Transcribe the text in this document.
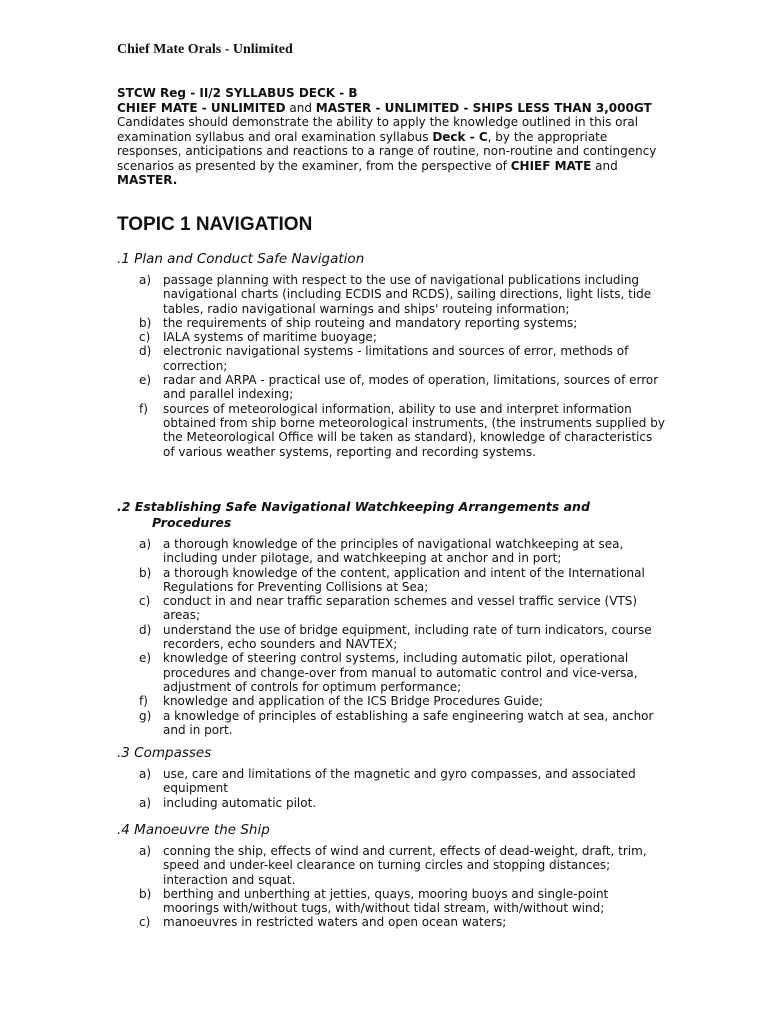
Chief Mate Orals - Unlimited
STCW Reg - II/2 SYLLABUS DECK - B
CHIEF MATE - UNLIMITED and MASTER - UNLIMITED - SHIPS LESS THAN 3,000GT
Candidates should demonstrate the ability to apply the knowledge outlined in this oral examination syllabus and oral examination syllabus Deck - C, by the appropriate responses, anticipations and reactions to a range of routine, non-routine and contingency scenarios as presented by the examiner, from the perspective of CHIEF MATE and MASTER.
TOPIC 1 NAVIGATION
.1 Plan and Conduct Safe Navigation
a) passage planning with respect to the use of navigational publications including navigational charts (including ECDIS and RCDS), sailing directions, light lists, tide tables, radio navigational warnings and ships' routeing information;
b) the requirements of ship routeing and mandatory reporting systems;
c) IALA systems of maritime buoyage;
d) electronic navigational systems - limitations and sources of error, methods of correction;
e) radar and ARPA - practical use of, modes of operation, limitations, sources of error and parallel indexing;
f) sources of meteorological information, ability to use and interpret information obtained from ship borne meteorological instruments, (the instruments supplied by the Meteorological Office will be taken as standard), knowledge of characteristics of various weather systems, reporting and recording systems.
.2 Establishing Safe Navigational Watchkeeping Arrangements and
Procedures
a) a thorough knowledge of the principles of navigational watchkeeping at sea, including under pilotage, and watchkeeping at anchor and in port;
b) a thorough knowledge of the content, application and intent of the International Regulations for Preventing Collisions at Sea;
c) conduct in and near traffic separation schemes and vessel traffic service (VTS) areas;
d) understand the use of bridge equipment, including rate of turn indicators, course recorders, echo sounders and NAVTEX;
e) knowledge of steering control systems, including automatic pilot, operational procedures and change-over from manual to automatic control and vice-versa, adjustment of controls for optimum performance;
f) knowledge and application of the ICS Bridge Procedures Guide;
g) a knowledge of principles of establishing a safe engineering watch at sea, anchor and in port.
.3 Compasses
a) use, care and limitations of the magnetic and gyro compasses, and associated equipment
a) including automatic pilot.
.4 Manoeuvre the Ship
a) conning the ship, effects of wind and current, effects of dead-weight, draft, trim, speed and under-keel clearance on turning circles and stopping distances; interaction and squat.
b) berthing and unberthing at jetties, quays, mooring buoys and single-point moorings with/without tugs, with/without tidal stream, with/without wind;
c) manoeuvres in restricted waters and open ocean waters;
